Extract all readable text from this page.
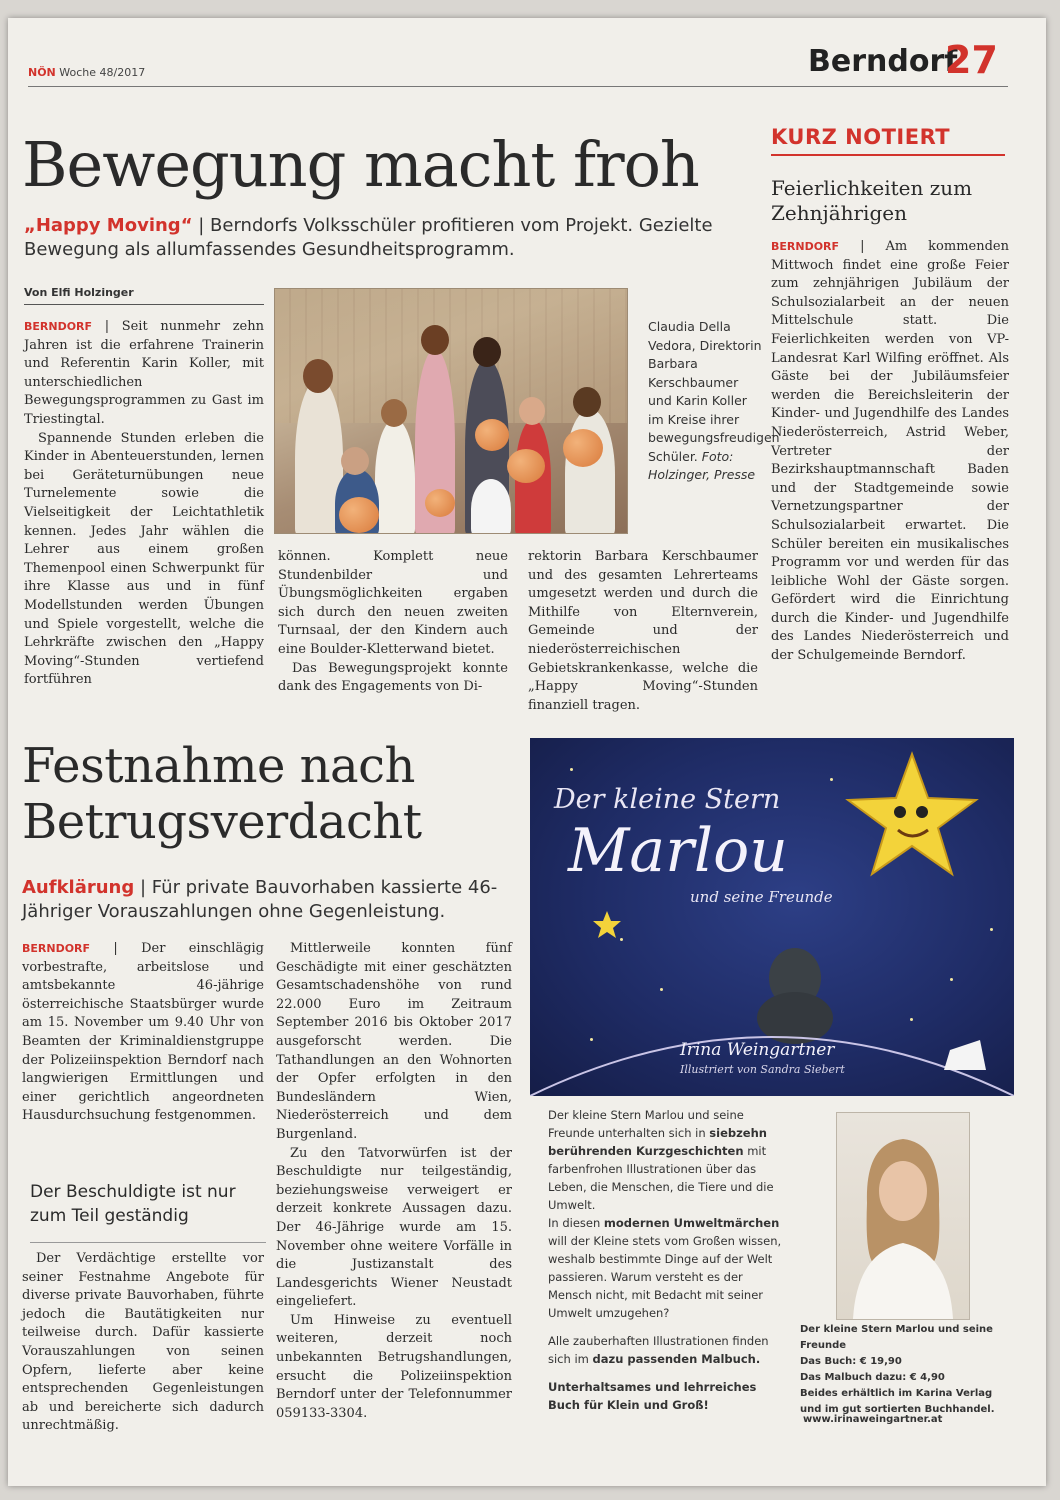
NÖN Woche 48/2017	Berndorf
27
Bewegung macht froh
„Happy Moving“ | Berndorfs Volksschüler profitieren vom Projekt. Gezielte Bewegung als allumfassendes Gesundheitsprogramm.
Von Elfi Holzinger

BERNDORF | Seit nunmehr zehn Jahren ist die erfahrene Trainerin und Referentin Karin Koller, mit unterschiedlichen Bewegungsprogrammen zu Gast im Triestingtal.

Spannende Stunden erleben die Kinder in Abenteuerstunden, lernen bei Geräteturnübungen neue Turnelemente sowie die Vielseitigkeit der Leichtathletik kennen. Jedes Jahr wählen die Lehrer aus einem großen Themenpool einen Schwerpunkt für ihre Klasse aus und in fünf Modellstunden werden Übungen und Spiele vorgestellt, welche die Lehrkräfte zwischen den „Happy Moving“-Stunden vertiefend fortführen

Claudia Della Vedora, Direktorin Barbara Kerschbaumer und Karin Koller im Kreise ihrer bewegungsfreudigen Schüler. Foto: Holzinger, Presse

können. Komplett neue Stundenbilder und Übungsmöglichkeiten ergaben sich durch den neuen zweiten Turnsaal, der den Kindern auch eine Boulder-Kletterwand bietet.

Das Bewegungsprojekt konnte dank des Engagements von Di-

rektorin Barbara Kerschbaumer und des gesamten Lehrerteams umgesetzt werden und durch die Mithilfe von Elternverein, Gemeinde und der niederösterreichischen Gebietskrankenkasse, welche die „Happy Moving“-Stunden finanziell tragen.

KURZ NOTIERT
Feierlichkeiten zum Zehnjährigen

BERNDORF | Am kommenden Mittwoch findet eine große Feier zum zehnjährigen Jubiläum der Schulsozialarbeit an der neuen Mittelschule statt. Die Feierlichkeiten werden von VP-Landesrat Karl Wilfing eröffnet. Als Gäste bei der Jubiläumsfeier werden die Bereichsleiterin der Kinder- und Jugendhilfe des Landes Niederösterreich, Astrid Weber, Vertreter der Bezirkshauptmannschaft Baden und der Stadtgemeinde sowie Vernetzungspartner der Schulsozialarbeit erwartet. Die Schüler bereiten ein musikalisches Programm vor und werden für das leibliche Wohl der Gäste sorgen. Gefördert wird die Einrichtung durch die Kinder- und Jugendhilfe des Landes Niederösterreich und der Schulgemeinde Berndorf.

Festnahme nach
Betrugsverdacht
Aufklärung | Für private Bauvorhaben kassierte 46-Jähriger Vorauszahlungen ohne Gegenleistung.

BERNDORF | Der einschlägig vorbestrafte, arbeitslose und amtsbekannte 46-jährige österreichische Staatsbürger wurde am 15. November um 9.40 Uhr von Beamten der Kriminaldienstgruppe der Polizeiinspektion Berndorf nach langwierigen Ermittlungen und einer gerichtlich angeordneten Hausdurchsuchung festgenommen.

Der Beschuldigte ist nur zum Teil geständig

Der Verdächtige erstellte vor seiner Festnahme Angebote für diverse private Bauvorhaben, führte jedoch die Bautätigkeiten nur teilweise durch. Dafür kassierte Vorauszahlungen von seinen Opfern, lieferte aber keine entsprechenden Gegenleistungen ab und bereicherte sich dadurch unrechtmäßig.

Mittlerweile konnten fünf Geschädigte mit einer geschätzten Gesamtschadenshöhe von rund 22.000 Euro im Zeitraum September 2016 bis Oktober 2017 ausgeforscht werden. Die Tathandlungen an den Wohnorten der Opfer erfolgten in den Bundesländern Wien, Niederösterreich und dem Burgenland.

Zu den Tatvorwürfen ist der Beschuldigte nur teilgeständig, beziehungsweise verweigert er derzeit konkrete Aussagen dazu. Der 46-Jährige wurde am 15. November ohne weitere Vorfälle in die Justizanstalt des Landesgerichts Wiener Neustadt eingeliefert.

Um Hinweise zu eventuell weiteren, derzeit noch unbekannten Betrugshandlungen, ersucht die Polizeiinspektion Berndorf unter der Telefonnummer 059133-3304.

Der kleine Stern
Marlou
und seine Freunde
Irina Weingartner
Illustriert von Sandra Siebert

Der kleine Stern Marlou und seine Freunde unterhalten sich in siebzehn berührenden Kurzgeschichten mit farbenfrohen Illustrationen über das Leben, die Menschen, die Tiere und die Umwelt.

In diesen modernen Umweltmärchen will der Kleine stets vom Großen wissen, weshalb bestimmte Dinge auf der Welt passieren. Warum versteht es der Mensch nicht, mit Bedacht mit seiner Umwelt umzugehen?

Alle zauberhaften Illustrationen finden sich im dazu passenden Malbuch.

Unterhaltsames und lehrreiches Buch für Klein und Groß!

Der kleine Stern Marlou und seine Freunde
Das Buch: € 19,90
Das Malbuch dazu: € 4,90
Beides erhältlich im Karina Verlag und im gut sortierten Buchhandel.
www.irinaweingartner.at
